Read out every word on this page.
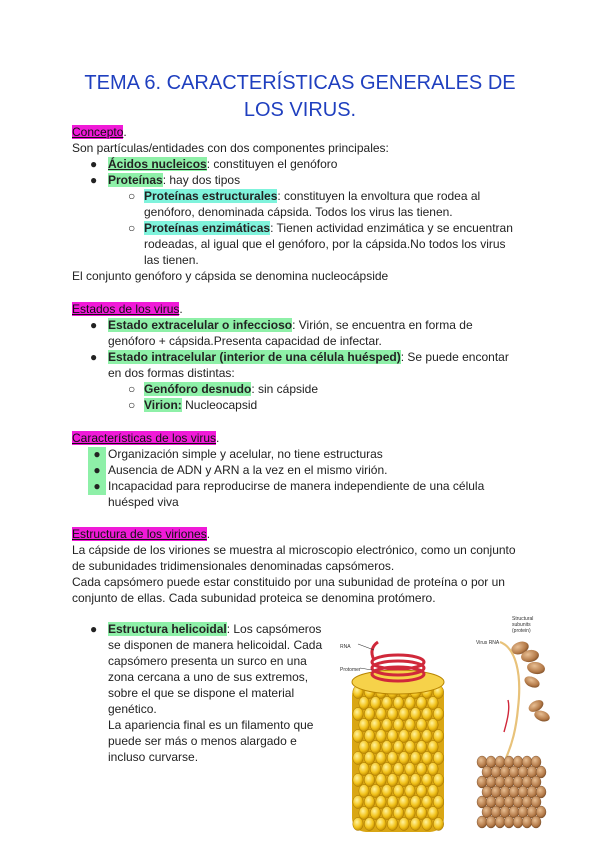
TEMA 6. CARACTERÍSTICAS GENERALES DE
LOS VIRUS.
Concepto.
Son partículas/entidades con dos componentes principales:
● Ácidos nucleicos: constituyen el genóforo
● Proteínas: hay dos tipos
○ Proteínas estructurales: constituyen la envoltura que rodea al
genóforo, denominada cápsida. Todos los virus las tienen.
○ Proteínas enzimáticas: Tienen actividad enzimática y se encuentran
rodeadas, al igual que el genóforo, por la cápsida.No todos los virus
las tienen.
El conjunto genóforo y cápsida se denomina nucleocápside
Estados de los virus.
● Estado extracelular o infeccioso: Virión, se encuentra en forma de
genóforo + cápsida.Presenta capacidad de infectar.
● Estado intracelular (interior de una célula huésped): Se puede encontar
en dos formas distintas:
○ Genóforo desnudo: sin cápside
○ Virion: Nucleocapsid
Características de los virus.
● Organización simple y acelular, no tiene estructuras
● Ausencia de ADN y ARN a la vez en el mismo virión.
● Incapacidad para reproducirse de manera independiente de una célula
huésped viva
Estructura de los viriones.
La cápside de los viriones se muestra al microscopio electrónico, como un conjunto
de subunidades tridimensionales denominadas capsómeros.
Cada capsómero puede estar constituido por una subunidad de proteína o por un
conjunto de ellas. Cada subunidad proteica se denomina protómero.
● Estructura helicoidal: Los capsómeros
se disponen de manera helicoidal. Cada
capsómero presenta un surco en una
zona cercana a uno de sus extremos,
sobre el que se dispone el material
genético.
La apariencia final es un filamento que
puede ser más o menos alargado e
incluso curvarse.
RNA
Protomer
Structural
subunits
(protein)
Virus RNA
